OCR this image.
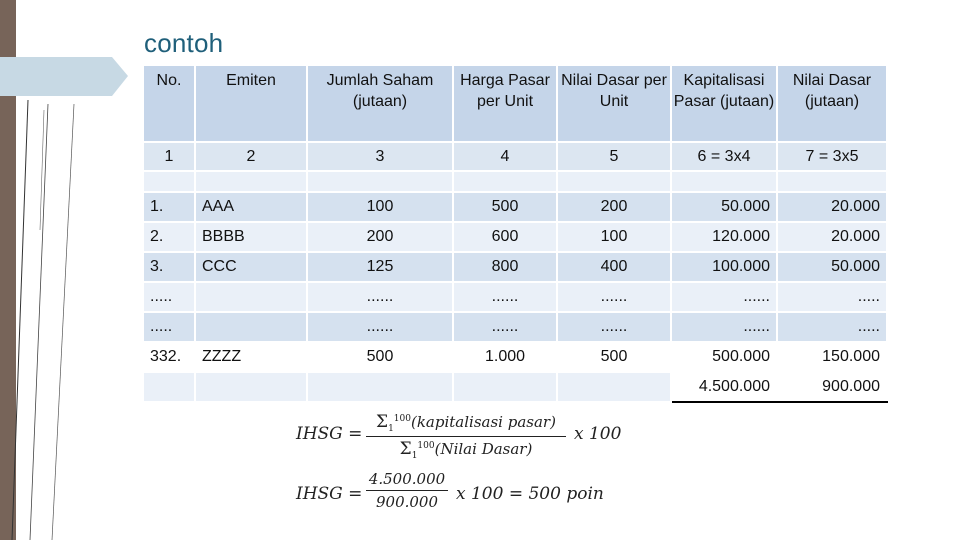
contoh
No.	Emiten	Jumlah Saham (jutaan)	Harga Pasar per Unit	Nilai Dasar per Unit	Kapitalisasi Pasar (jutaan)	Nilai Dasar (jutaan)
1	2	3	4	5	6 = 3x4	7 = 3x5

1.	AAA	100	500	200	50.000	20.000
2.	BBBB	200	600	100	120.000	20.000
3.	CCC	125	800	400	100.000	50.000
.....		......	......	......	......	.....
.....		......	......	......	......	.....
332.	ZZZZ	500	1.000	500	500.000	150.000
					4.500.000	900.000
IHSG =
$\Sigma_1^{100}(kapitalisasi$ pasar)
$\Sigma_1^{100}(Nilai$ Dasar)
x 100
IHSG =
4.500.000
900.000	x 100 = 500 poin
